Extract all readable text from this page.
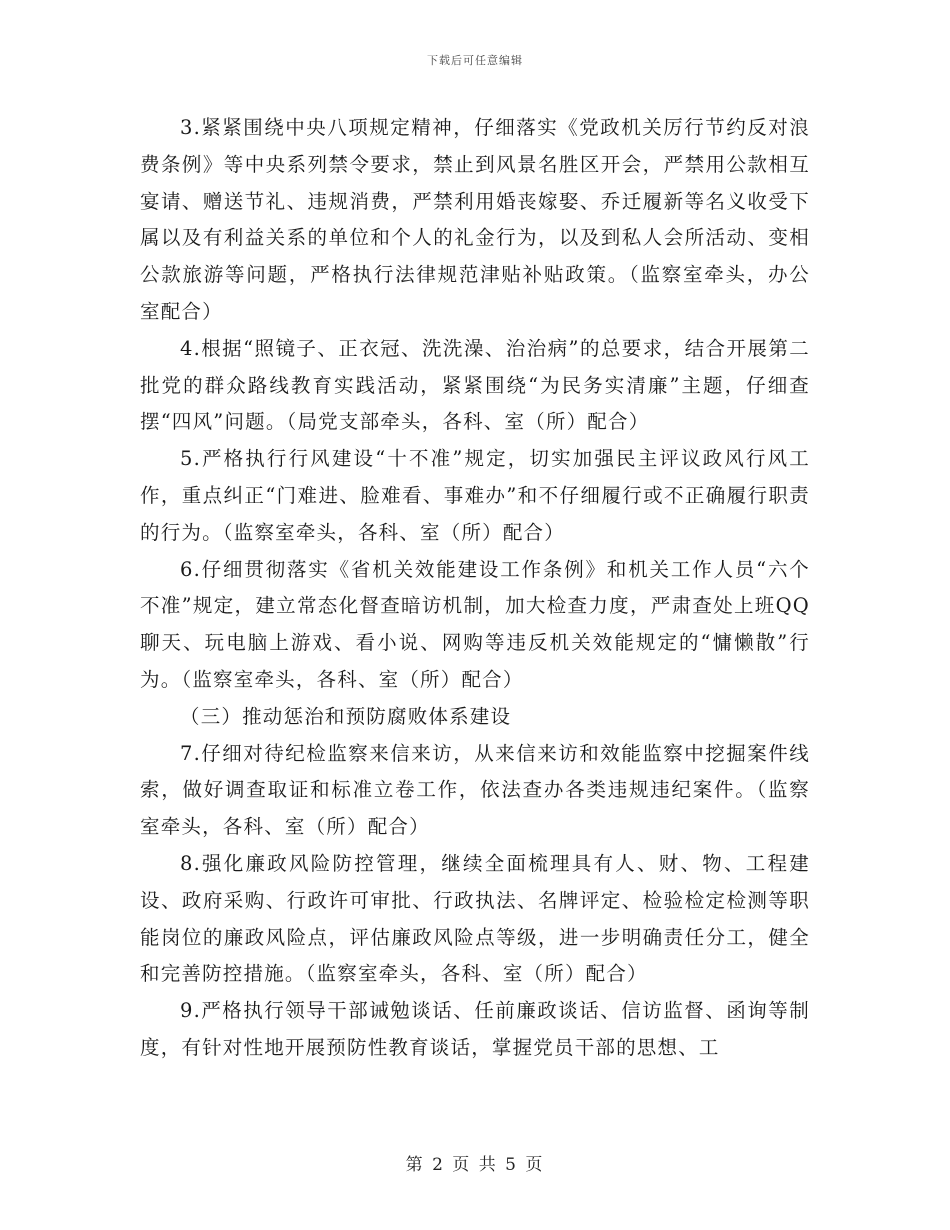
下载后可任意编辑

3.紧紧围绕中央八项规定精神，仔细落实《党政机关厉行节约反对浪费条例》等中央系列禁令要求，禁止到风景名胜区开会，严禁用公款相互宴请、赠送节礼、违规消费，严禁利用婚丧嫁娶、乔迁履新等名义收受下属以及有利益关系的单位和个人的礼金行为，以及到私人会所活动、变相公款旅游等问题，严格执行法律规范津贴补贴政策。（监察室牵头，办公室配合）

4.根据“照镜子、正衣冠、洗洗澡、治治病”的总要求，结合开展第二批党的群众路线教育实践活动，紧紧围绕“为民务实清廉”主题，仔细查摆“四风”问题。（局党支部牵头，各科、室（所）配合）

5.严格执行行风建设“十不准”规定，切实加强民主评议政风行风工作，重点纠正“门难进、脸难看、事难办”和不仔细履行或不正确履行职责的行为。（监察室牵头，各科、室（所）配合）

6.仔细贯彻落实《省机关效能建设工作条例》和机关工作人员“六个不准”规定，建立常态化督查暗访机制，加大检查力度，严肃查处上班QQ聊天、玩电脑上游戏、看小说、网购等违反机关效能规定的“慵懒散”行为。（监察室牵头，各科、室（所）配合）

（三）推动惩治和预防腐败体系建设

7.仔细对待纪检监察来信来访，从来信来访和效能监察中挖掘案件线索，做好调查取证和标准立卷工作，依法查办各类违规违纪案件。（监察室牵头，各科、室（所）配合）

8.强化廉政风险防控管理，继续全面梳理具有人、财、物、工程建设、政府采购、行政许可审批、行政执法、名牌评定、检验检定检测等职能岗位的廉政风险点，评估廉政风险点等级，进一步明确责任分工，健全和完善防控措施。（监察室牵头，各科、室（所）配合）

9.严格执行领导干部诫勉谈话、任前廉政谈话、信访监督、函询等制度，有针对性地开展预防性教育谈话，掌握党员干部的思想、工

第 2 页 共 5 页
